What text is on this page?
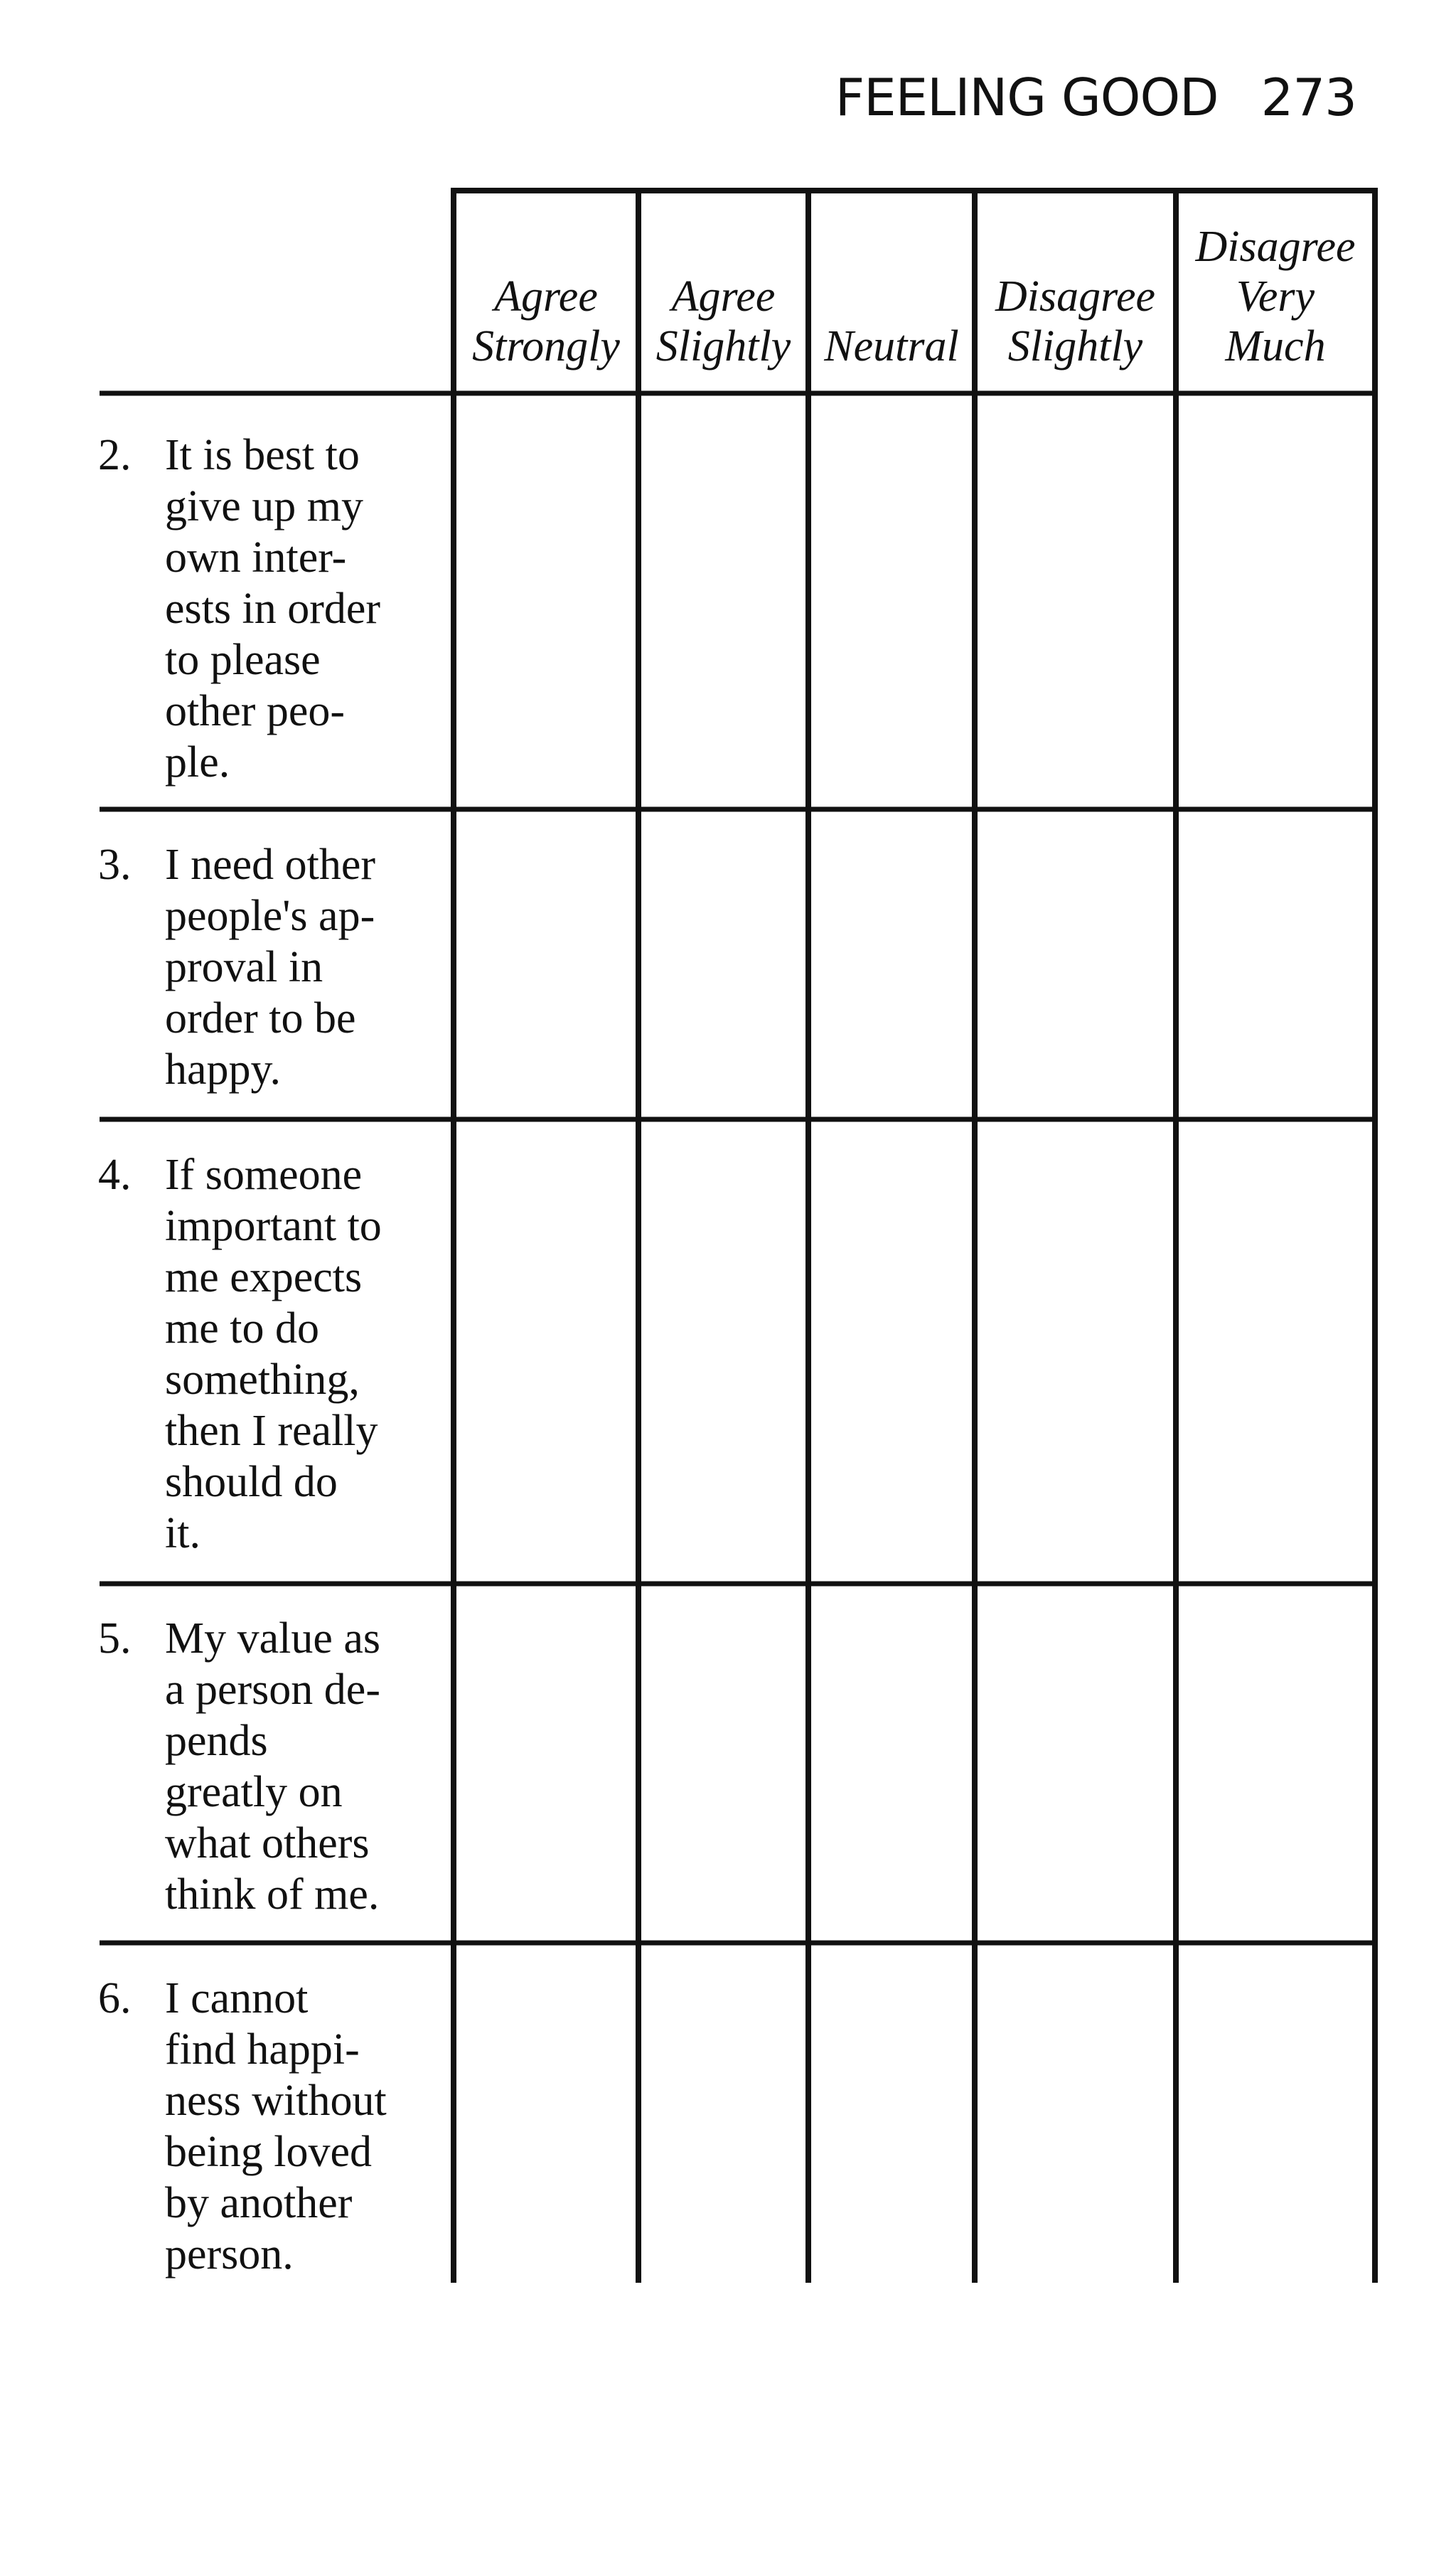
FEELING GOOD 273
Agree
Strongly
Agree
Slightly Neutral
Disagree
Slightly
Disagree
Very
Much
2. It is best to
give up my
own inter-
ests in order
to please
other peo-
ple.
3. I need other
people's ap-
proval in
order to be
happy.
4. If someone
important to
me expects
me to do
something,
then I really
should do
it.
5. My value as
a person de-
pends
greatly on
what others
think of me.
6. I cannot
find happi-
ness without
being loved
by another
person.
